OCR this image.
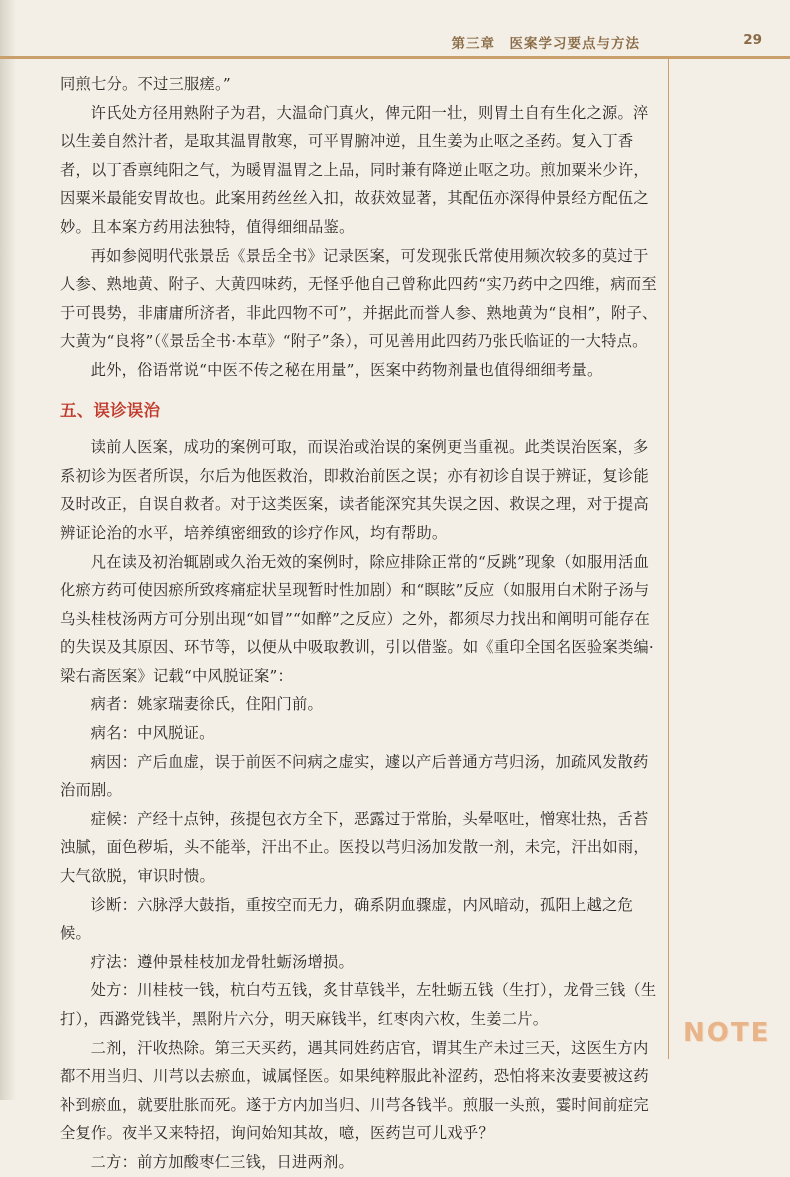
第三章　医案学习要点与方法	29

同煎七分。不过三服瘥。”

许氏处方径用熟附子为君，大温命门真火，俾元阳一壮，则胃土自有生化之源。淬以生姜自然汁者，是取其温胃散寒，可平胃腑冲逆，且生姜为止呕之圣药。复入丁香者，以丁香禀纯阳之气，为暖胃温胃之上品，同时兼有降逆止呕之功。煎加粟米少许，因粟米最能安胃故也。此案用药丝丝入扣，故获效显著，其配伍亦深得仲景经方配伍之妙。且本案方药用法独特，值得细细品鉴。

再如参阅明代张景岳《景岳全书》记录医案，可发现张氏常使用频次较多的莫过于人参、熟地黄、附子、大黄四味药，无怪乎他自己曾称此四药“实乃药中之四维，病而至于可畏势，非庸庸所济者，非此四物不可”，并据此而誉人参、熟地黄为“良相”，附子、大黄为“良将”（《景岳全书·本草》“附子”条），可见善用此四药乃张氏临证的一大特点。

此外，俗语常说“中医不传之秘在用量”，医案中药物剂量也值得细细考量。

五、误诊误治

读前人医案，成功的案例可取，而误治或治误的案例更当重视。此类误治医案，多系初诊为医者所误，尔后为他医救治，即救治前医之误；亦有初诊自误于辨证，复诊能及时改正，自误自救者。对于这类医案，读者能深究其失误之因、救误之理，对于提高辨证论治的水平，培养缜密细致的诊疗作风，均有帮助。

凡在读及初治辄剧或久治无效的案例时，除应排除正常的“反跳”现象（如服用活血化瘀方药可使因瘀所致疼痛症状呈现暂时性加剧）和“瞑眩”反应（如服用白术附子汤与乌头桂枝汤两方可分别出现“如冒”“如醉”之反应）之外，都须尽力找出和阐明可能存在的失误及其原因、环节等，以便从中吸取教训，引以借鉴。如《重印全国名医验案类编·梁右斋医案》记载“中风脱证案”：

病者：姚家瑞妻徐氏，住阳门前。

病名：中风脱证。

病因：产后血虚，误于前医不问病之虚实，遽以产后普通方芎归汤，加疏风发散药治而剧。

症候：产经十点钟，孩提包衣方全下，恶露过于常胎，头晕呕吐，憎寒壮热，舌苔浊腻，面色秽垢，头不能举，汗出不止。医投以芎归汤加发散一剂，未完，汗出如雨，大气欲脱，审识时愦。

诊断：六脉浮大鼓指，重按空而无力，确系阴血骤虚，内风暗动，孤阳上越之危候。

疗法：遵仲景桂枝加龙骨牡蛎汤增损。

处方：川桂枝一钱，杭白芍五钱，炙甘草钱半，左牡蛎五钱（生打），龙骨三钱（生打），西潞党钱半，黑附片六分，明天麻钱半，红枣肉六枚，生姜二片。

二剂，汗收热除。第三天买药，遇其同姓药店官，谓其生产未过三天，这医生方内都不用当归、川芎以去瘀血，诚属怪医。如果纯粹服此补涩药，恐怕将来汝妻要被这药补到瘀血，就要肚胀而死。遂于方内加当归、川芎各钱半。煎服一头煎，霎时间前症完全复作。夜半又来特招，询问始知其故，噫，医药岂可儿戏乎？

二方：前方加酸枣仁三钱，日进两剂。

NOTE
